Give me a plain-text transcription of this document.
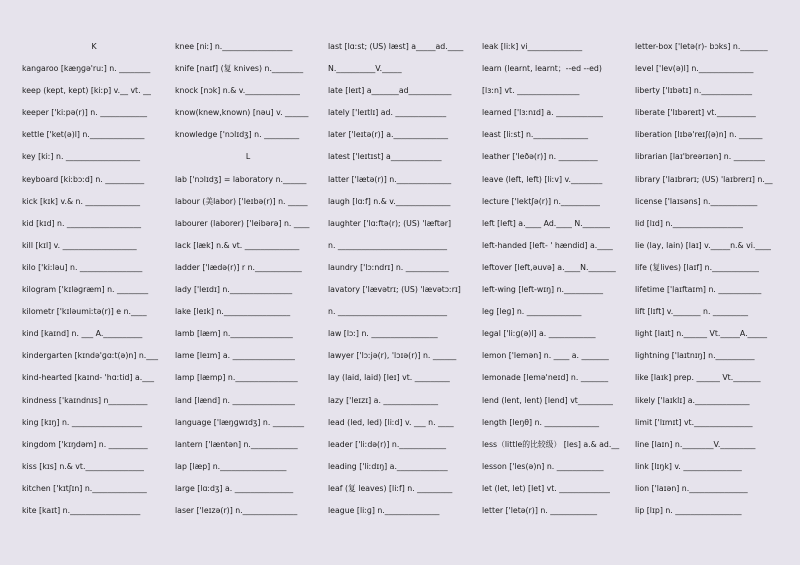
K
kangaroo [kæŋɡə'ruː] n. ________
keep (kept, kept) [kiːp] v.__ vt. __
keeper ['kiːpə(r)] n. ____________
kettle ['ket(ə)l] n.______________
key [kiː] n. ___________________
keyboard [kiːbɔːd] n. __________
kick [kɪk] v.& n. ______________
kid [kɪd] n. ___________________
kill [kɪl] v. ___________________
kilo ['kiːləu] n. ________________
kilogram ['kɪləɡræm] n. ________
kilometr ['kɪləumiːtə(r)] e n.____
kind [kaɪnd] n. ___ A.__________
kindergarten [kɪndə'ɡɑːt(ə)n] n.___
kind-hearted [kaɪnd- 'hɑːtid] a.___
kindness ['kaɪndnɪs] n__________
king [kɪŋ] n. __________________
kingdom ['kɪŋdəm] n. __________
kiss [kɪs] n.& vt._______________
kitchen ['kɪtʃɪn] n.______________
kite [kaɪt] n.__________________
knee [niː] n.__________________
knife [naɪf] (复 knives) n.________
knock [nɔk] n.& v.______________
know(knew,known) [nəu] v. ______
knowledge ['nɔlɪdʒ] n. _________
L
lab ['nɔlɪdʒ] = laboratory n.______
labour (美labor) ['leɪbə(r)] n. _____
labourer (laborer) ['leibərə] n. ____
lack [læk] n.& vt. ______________
ladder ['lædə(r)] r n.____________
lady ['leɪdɪ] n.________________
lake [leɪk] n._________________
lamb [læm] n.________________
lame [leɪm] a. ________________
lamp [læmp] n.________________
land [lænd] n. ________________
language ['læŋɡwɪdʒ] n. ________
lantern ['læntən] n.____________
lap [læp] n._________________
large [lɑːdʒ] a. _______________
laser ['leɪzə(r)] n.______________
last [lɑːst; (US) læst] a_____ad.____
N.__________V._____
late [leɪt] a_______ad___________
lately ['leɪtlɪ] ad. _____________
later ['leɪtə(r)] a.______________
latest ['leɪtɪst] a_____________
latter ['lætə(r)] n.______________
laugh [lɑːf] n.& v.______________
laughter ['lɑːftə(r); (US) 'læftər]
n. ____________________________
laundry ['lɔːndrɪ] n. ___________
lavatory ['lævətrɪ; (US) 'lævətɔːrɪ]
n. ____________________________
law [lɔː] n. _________________
lawyer ['lɔːjə(r), 'lɔɪə(r)] n. ______
lay (laid, laid) [leɪ] vt. _________
lazy ['leɪzɪ] a. ______________
lead (led, led) [liːd] v. ___ n. ____
leader ['liːdə(r)] n.____________
leading ['liːdɪŋ] a._____________
leaf (复 leaves) [liːf] n. _________
league [liːɡ] n.______________
leak [liːk] vi______________
learn (learnt, learnt；--ed --ed)
[lɜːn] vt. ________________
learned ['lɜːnɪd] a. ____________
least [liːst] n.______________
leather ['leðə(r)] n. __________
leave (left, left) [liːv] v.________
lecture ['lektʃə(r)] n.__________
left [left] a.____ Ad.____ N._______
left-handed [left- ' hændid] a.____
leftover [left,əuvə] a.____N._______
left-wing [left-wɪŋ] n.__________
leg [leɡ] n. ______________
legal ['liːɡ(ə)l] a. ____________
lemon ['lemən] n. ____ a. _______
lemonade [lemə'neɪd] n. _______
lend (lent, lent) [lend] vt_________
length [leŋθ] n. ______________
less（little的比较级） [les] a.& ad.__
lesson ['les(ə)n] n. ____________
let (let, let) [let] vt. _____________
letter ['letə(r)] n. ____________
letter-box ['letə(r)- bɔks] n._______
level ['lev(ə)l] n.______________
liberty ['lɪbətɪ] n._____________
liberate ['lɪbəreɪt] vt.__________
liberation [lɪbə'reɪʃ(ə)n] n. ______
librarian [laɪ'breərɪən] n. ________
library ['laɪbrərɪ; (US) 'laɪbrerɪ] n.__
license ['laɪsəns] n.____________
lid [lɪd] n.__________________
lie (lay, lain) [laɪ] v._____n.& vi.____
life (复lives) [laɪf] n.____________
lifetime ['laɪftaɪm] n. ___________
lift [lɪft] v._______ n. _________
light [laɪt] n.______ Vt._____A._____
lightning ['laɪtnɪŋ] n.__________
like [laɪk] prep. ______ Vt._______
likely ['laɪklɪ] a.______________
limit ['lɪmɪt] vt._______________
line [laɪn] n.________V._________
link [lɪŋk] v. _______________
lion ['laɪən] n._______________
lip [lɪp] n. _________________
